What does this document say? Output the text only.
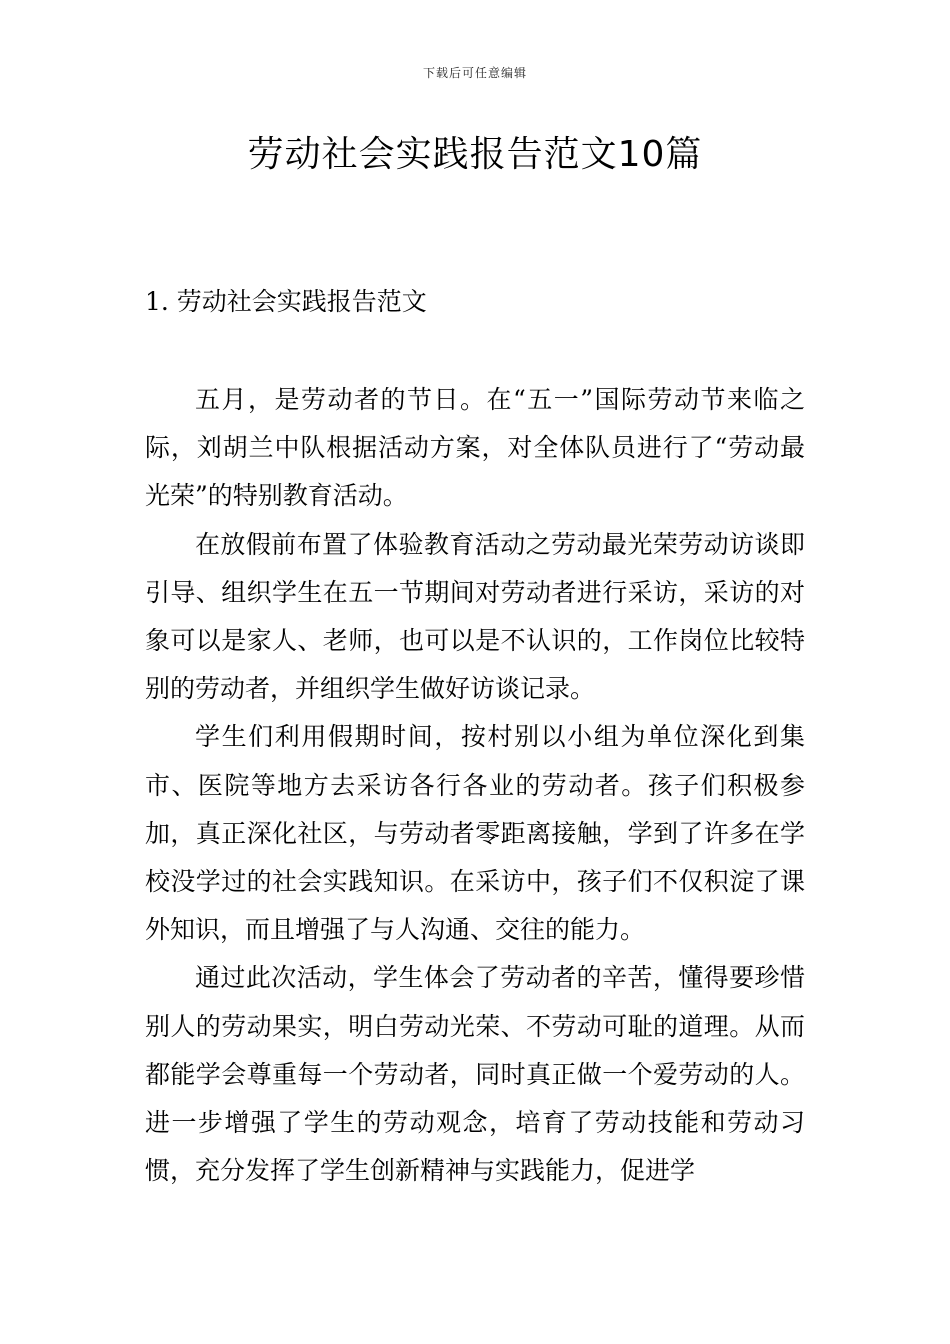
下载后可任意编辑
劳动社会实践报告范文10篇
1. 劳动社会实践报告范文

五月，是劳动者的节日。在“五一”国际劳动节来临之际，刘胡兰中队根据活动方案，对全体队员进行了“劳动最光荣”的特别教育活动。

在放假前布置了体验教育活动之劳动最光荣劳动访谈即引导、组织学生在五一节期间对劳动者进行采访，采访的对象可以是家人、老师，也可以是不认识的，工作岗位比较特别的劳动者，并组织学生做好访谈记录。

学生们利用假期时间，按村别以小组为单位深化到集市、医院等地方去采访各行各业的劳动者。孩子们积极参加，真正深化社区，与劳动者零距离接触，学到了许多在学校没学过的社会实践知识。在采访中，孩子们不仅积淀了课外知识，而且增强了与人沟通、交往的能力。

通过此次活动，学生体会了劳动者的辛苦，懂得要珍惜别人的劳动果实，明白劳动光荣、不劳动可耻的道理。从而都能学会尊重每一个劳动者，同时真正做一个爱劳动的人。进一步增强了学生的劳动观念，培育了劳动技能和劳动习惯，充分发挥了学生创新精神与实践能力，促进学
